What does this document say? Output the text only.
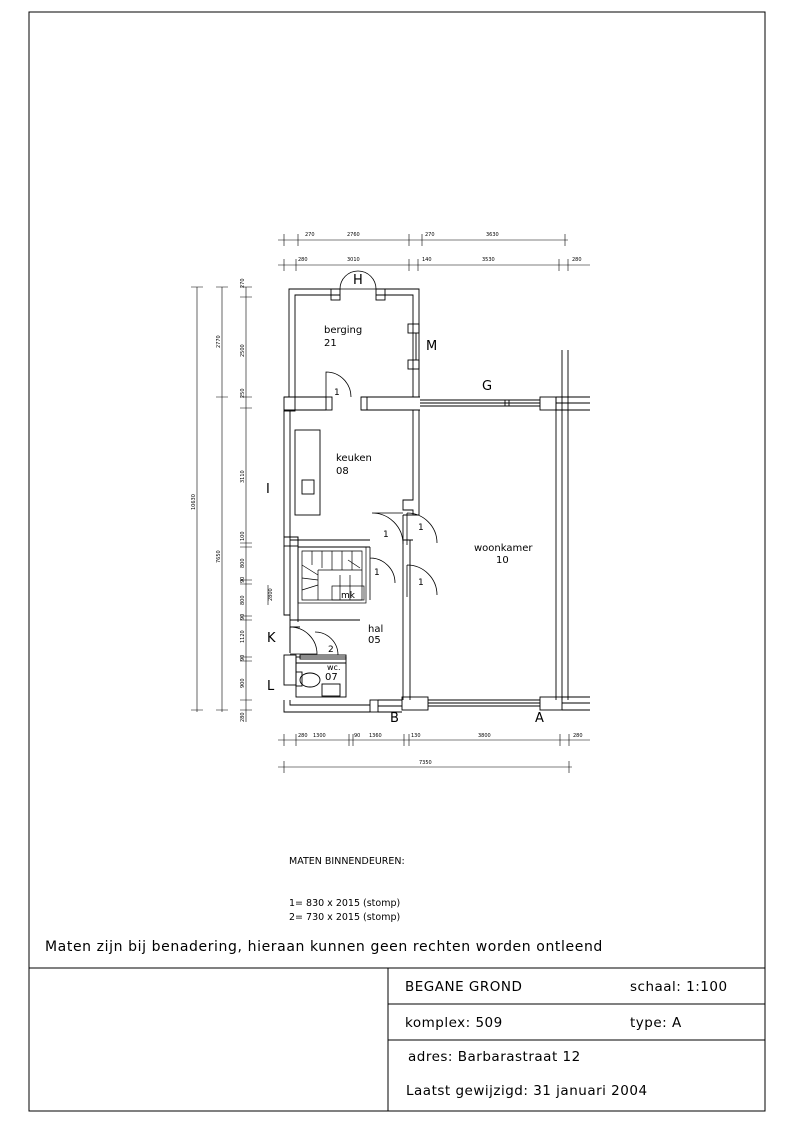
270	2760	270	3630
280	3010	140	3530	280
280 1300	90 1360	130	3800	280
7350
10630
2770
7650
270
2500
250
3110
100
800
90
800
90
1120
90
900
280
2800
H
M
G
I
K
L
B	A
1
1
1
1
1
2
berging
21
keuken
08
woonkamer
10
hal
05
wc.
07
mk
MATEN BINNENDEUREN:
1= 830 x 2015 (stomp)
2= 730 x 2015 (stomp)
Maten zijn bij benadering, hieraan kunnen geen rechten worden ontleend
BEGANE GROND	schaal: 1:100
komplex: 509	type: A
adres: Barbarastraat 12
Laatst gewijzigd: 31 januari 2004
